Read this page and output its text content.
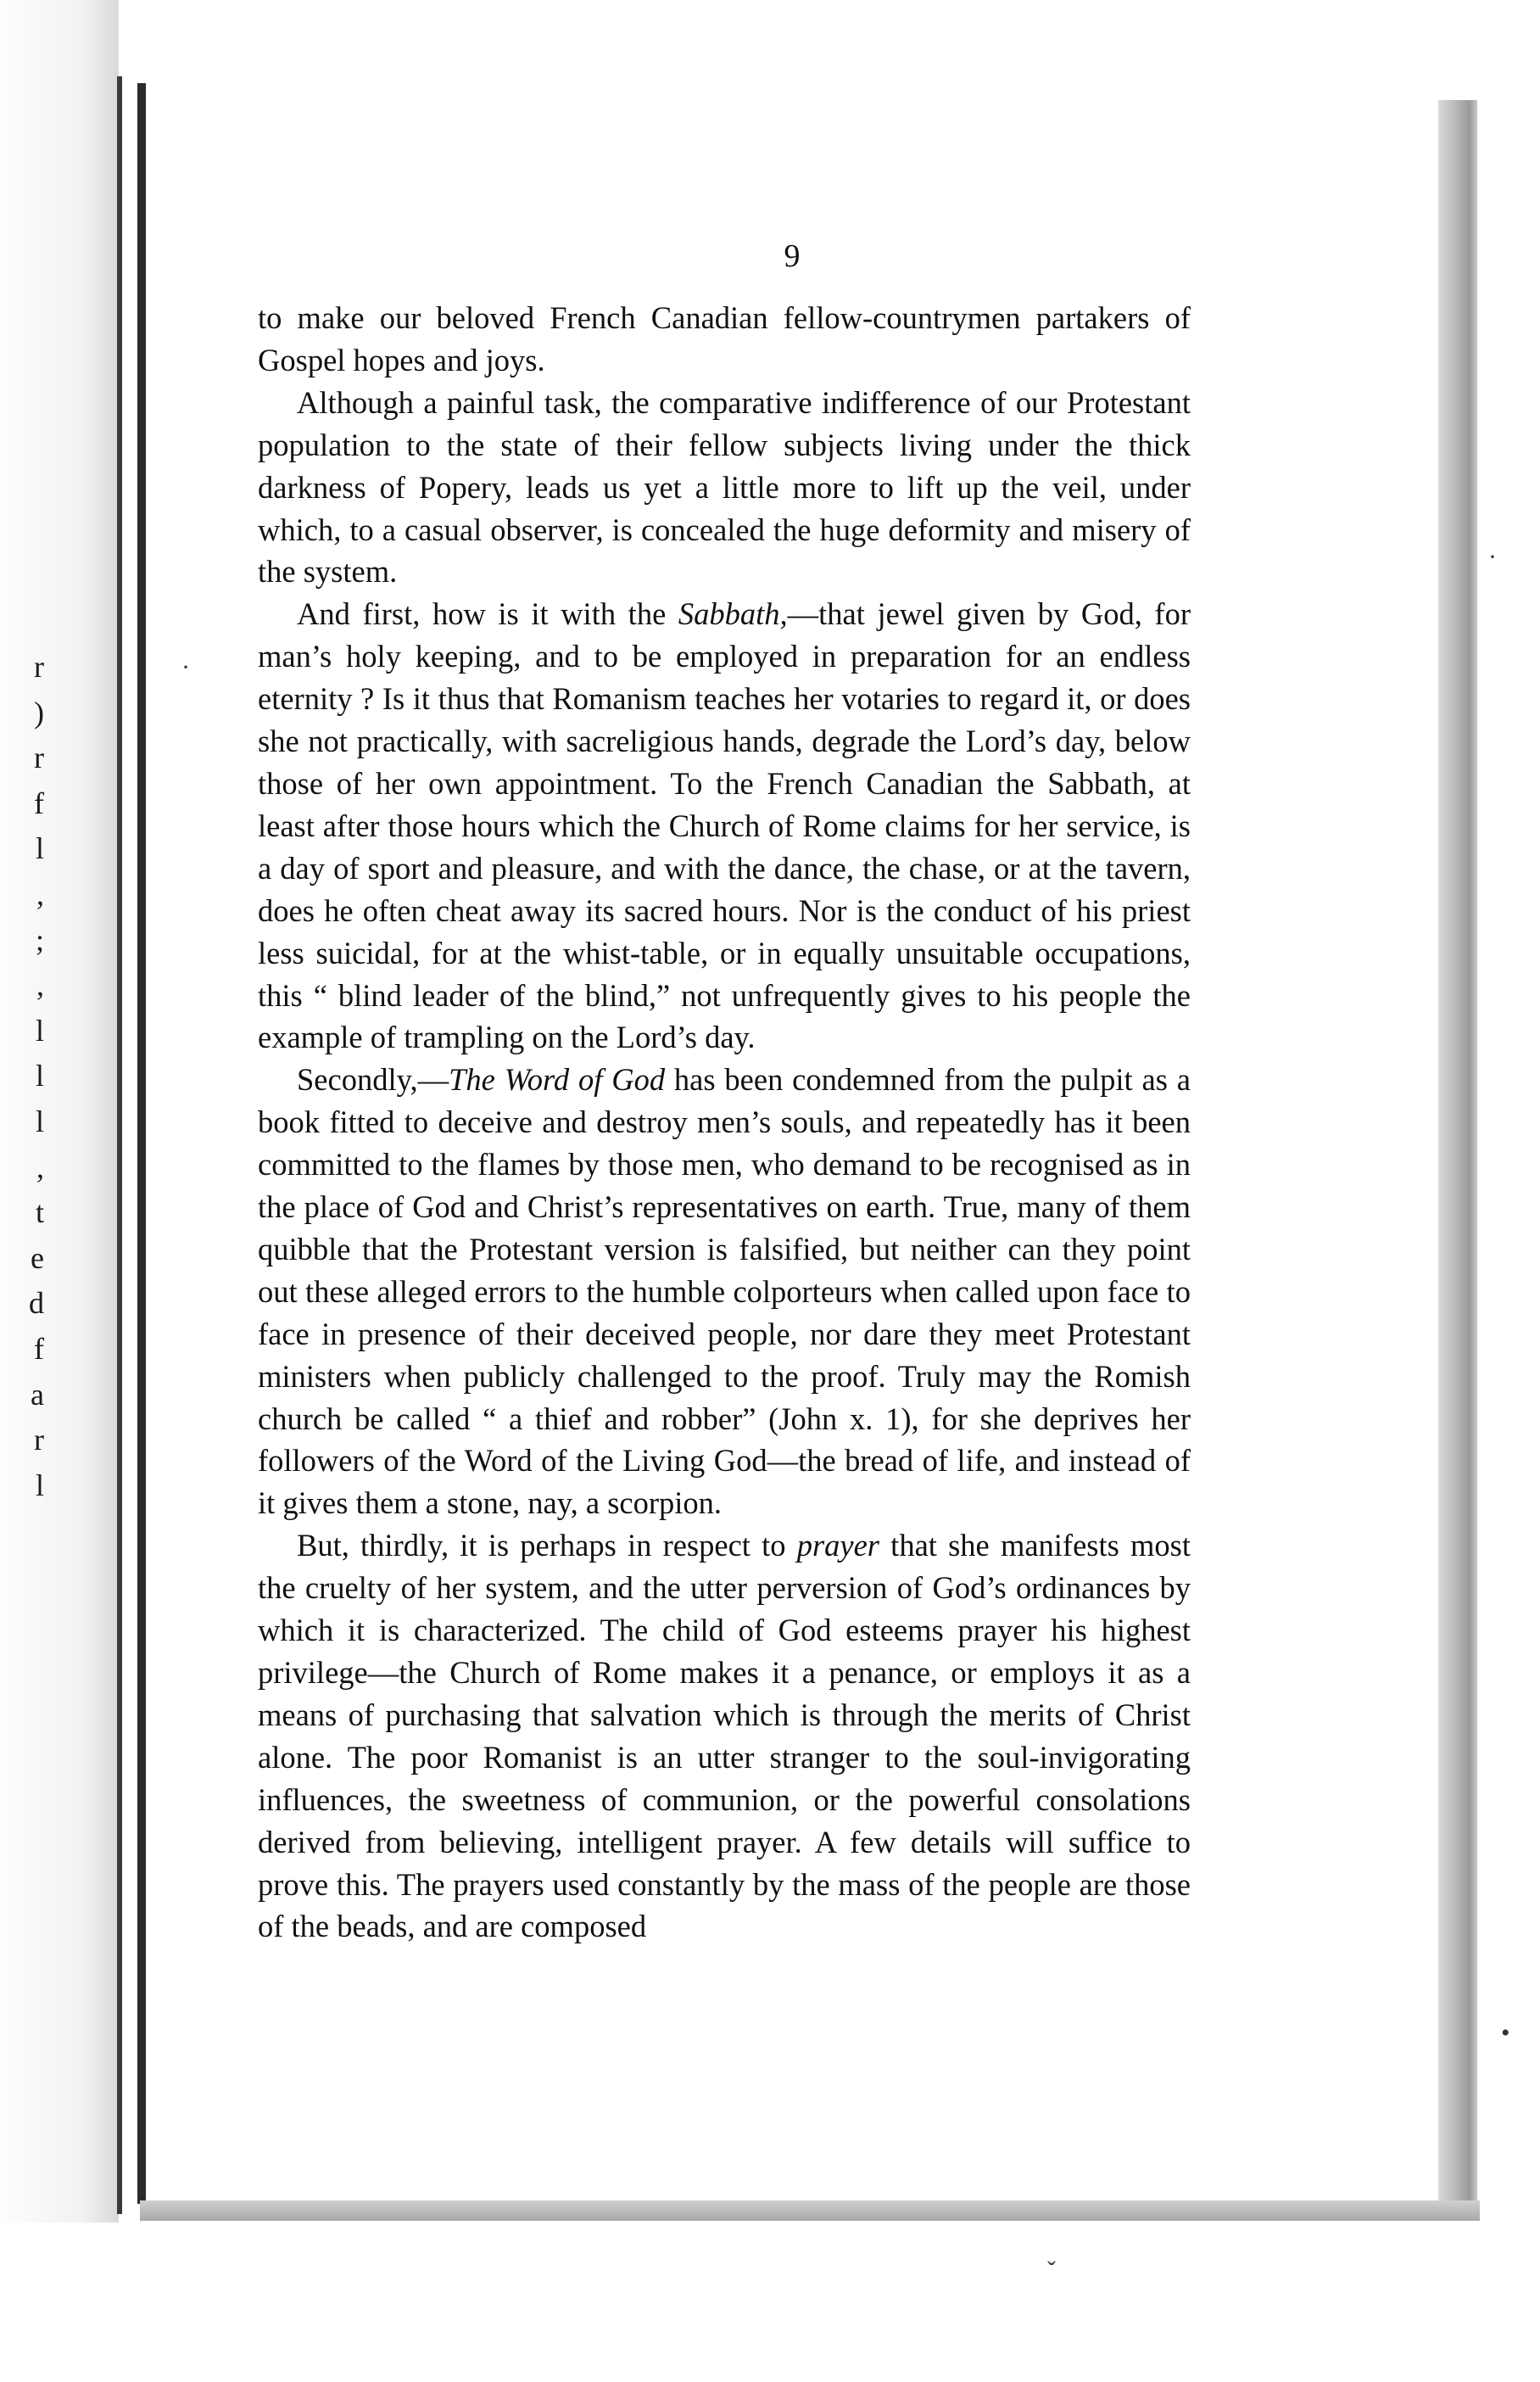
r
)
r
f
l
,
;
,
l
l
l
,
t
e
d
f
a
r
l
9

to make our beloved French Canadian fellow-countrymen partakers of Gospel hopes and joys.

Although a painful task, the comparative indifference of our Protestant population to the state of their fellow subjects living under the thick darkness of Popery, leads us yet a little more to lift up the veil, under which, to a casual observer, is concealed the huge deformity and misery of the system.

And first, how is it with the Sabbath,—that jewel given by God, for man’s holy keeping, and to be employed in preparation for an endless eternity ? Is it thus that Romanism teaches her votaries to regard it, or does she not practically, with sacreligious hands, degrade the Lord’s day, below those of her own appointment. To the French Canadian the Sabbath, at least after those hours which the Church of Rome claims for her service, is a day of sport and pleasure, and with the dance, the chase, or at the tavern, does he often cheat away its sacred hours. Nor is the conduct of his priest less suicidal, for at the whist-table, or in equally unsuitable occupations, this “ blind leader of the blind,” not unfrequently gives to his people the example of trampling on the Lord’s day.

Secondly,—The Word of God has been condemned from the pulpit as a book fitted to deceive and destroy men’s souls, and repeatedly has it been committed to the flames by those men, who demand to be recognised as in the place of God and Christ’s representatives on earth. True, many of them quibble that the Protestant version is falsified, but neither can they point out these alleged errors to the humble colporteurs when called upon face to face in presence of their deceived people, nor dare they meet Protestant ministers when publicly challenged to the proof. Truly may the Romish church be called “ a thief and robber” (John x. 1), for she deprives her followers of the Word of the Living God—the bread of life, and instead of it gives them a stone, nay, a scorpion.

But, thirdly, it is perhaps in respect to prayer that she manifests most the cruelty of her system, and the utter perversion of God’s ordinances by which it is characterized. The child of God esteems prayer his highest privilege—the Church of Rome makes it a penance, or employs it as a means of purchasing that salvation which is through the merits of Christ alone. The poor Romanist is an utter stranger to the soul-invigorating influences, the sweetness of communion, or the powerful consolations derived from believing, intelligent prayer. A few details will suffice to prove this. The prayers used constantly by the mass of the people are those of the beads, and are composed

·
•
·
ˇ
